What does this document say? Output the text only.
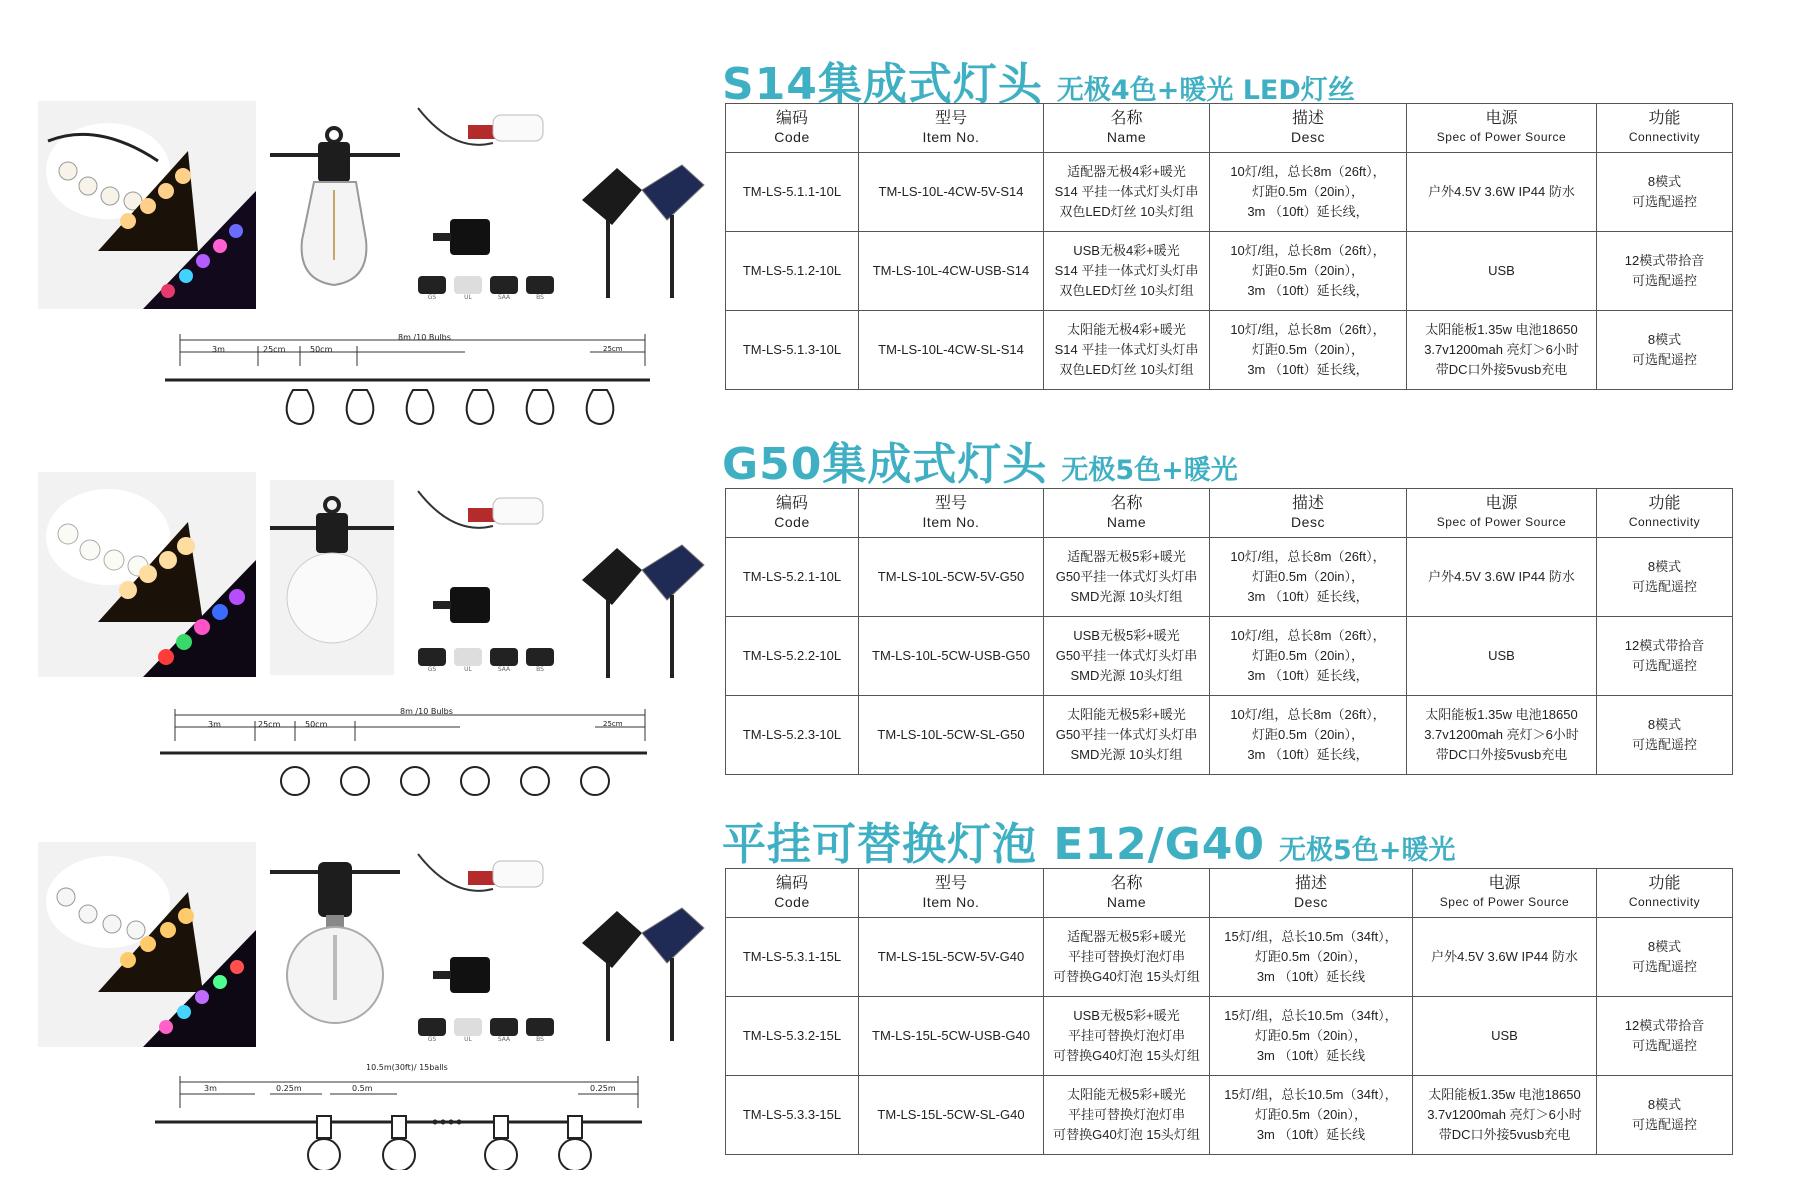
S14集成式灯头 无极4色+暖光 LED灯丝
G50集成式灯头 无极5色+暖光
平挂可替换灯泡 E12/G40 无极5色+暖光
编码
Code	型号
Item No.	名称
Name	描述
Desc	电源
Spec of Power Source	功能
Connectivity

TM-LS-5.1.1-10L	TM-LS-10L-4CW-5V-S14	适配器无极4彩+暖光
S14 平挂一体式灯头灯串
双色LED灯丝 10头灯组	10灯/组，总长8m（26ft），
灯距0.5m（20in），
3m （10ft）延长线，	户外4.5V 3.6W IP44 防水	8模式
可选配遥控

TM-LS-5.1.2-10L	TM-LS-10L-4CW-USB-S14	USB无极4彩+暖光
S14 平挂一体式灯头灯串
双色LED灯丝 10头灯组	10灯/组，总长8m（26ft），
灯距0.5m（20in），
3m （10ft）延长线，	USB	12模式带拾音
可选配遥控

TM-LS-5.1.3-10L	TM-LS-10L-4CW-SL-S14	太阳能无极4彩+暖光
S14 平挂一体式灯头灯串
双色LED灯丝 10头灯组	10灯/组，总长8m（26ft），
灯距0.5m（20in），
3m （10ft）延长线，	太阳能板1.35w 电池18650
3.7v1200mah 亮灯＞6小时
带DC口外接5vusb充电	8模式
可选配遥控
编码
Code	型号
Item No.	名称
Name	描述
Desc	电源
Spec of Power Source	功能
Connectivity

TM-LS-5.2.1-10L	TM-LS-10L-5CW-5V-G50	适配器无极5彩+暖光
G50平挂一体式灯头灯串
SMD光源 10头灯组	10灯/组，总长8m（26ft），
灯距0.5m（20in），
3m （10ft）延长线，	户外4.5V 3.6W IP44 防水	8模式
可选配遥控

TM-LS-5.2.2-10L	TM-LS-10L-5CW-USB-G50	USB无极5彩+暖光
G50平挂一体式灯头灯串
SMD光源 10头灯组	10灯/组，总长8m（26ft），
灯距0.5m（20in），
3m （10ft）延长线，	USB	12模式带拾音
可选配遥控

TM-LS-5.2.3-10L	TM-LS-10L-5CW-SL-G50	太阳能无极5彩+暖光
G50平挂一体式灯头灯串
SMD光源 10头灯组	10灯/组，总长8m（26ft），
灯距0.5m（20in），
3m （10ft）延长线，	太阳能板1.35w 电池18650
3.7v1200mah 亮灯＞6小时
带DC口外接5vusb充电	8模式
可选配遥控
编码
Code	型号
Item No.	名称
Name	描述
Desc	电源
Spec of Power Source	功能
Connectivity

TM-LS-5.3.1-15L	TM-LS-15L-5CW-5V-G40	适配器无极5彩+暖光
平挂可替换灯泡灯串
可替换G40灯泡 15头灯组	15灯/组，总长10.5m（34ft），
灯距0.5m（20in），
3m （10ft）延长线	户外4.5V 3.6W IP44 防水	8模式
可选配遥控

TM-LS-5.3.2-15L	TM-LS-15L-5CW-USB-G40	USB无极5彩+暖光
平挂可替换灯泡灯串
可替换G40灯泡 15头灯组	15灯/组，总长10.5m（34ft），
灯距0.5m（20in），
3m （10ft）延长线	USB	12模式带拾音
可选配遥控

TM-LS-5.3.3-15L	TM-LS-15L-5CW-SL-G40	太阳能无极5彩+暖光
平挂可替换灯泡灯串
可替换G40灯泡 15头灯组	15灯/组，总长10.5m（34ft），
灯距0.5m（20in），
3m （10ft）延长线	太阳能板1.35w 电池18650
3.7v1200mah 亮灯＞6小时
带DC口外接5vusb充电	8模式
可选配遥控
GS	UL	SAA	BS
8m /10 Bulbs
3m	25cm	50cm	25cm
GS	UL	SAA	BS
8m /10 Bulbs
3m	25cm	50cm	25cm
GS	UL	SAA	BS
10.5m(30ft)/ 15balls
3m	0.25m	0.5m	0.25m
